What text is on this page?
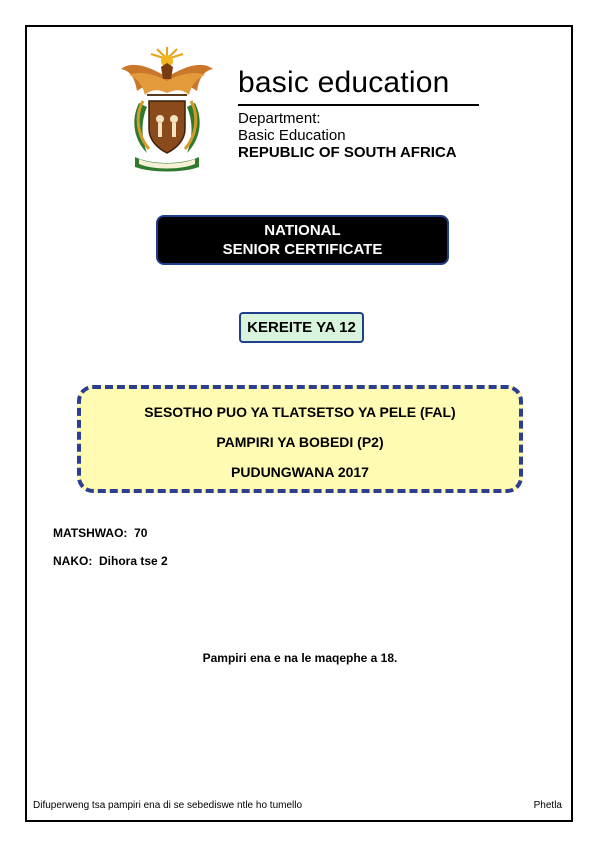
basic education
Department:
Basic Education
REPUBLIC OF SOUTH AFRICA
NATIONAL
SENIOR CERTIFICATE
KEREITE YA 12
SESOTHO PUO YA TLATSETSO YA PELE (FAL)
PAMPIRI YA BOBEDI (P2)
PUDUNGWANA 2017
MATSHWAO: 70
NAKO: Dihora tse 2
Pampiri ena e na le maqephe a 18.
Difuperweng tsa pampiri ena di se sebediswe ntle ho tumello	Phetla
